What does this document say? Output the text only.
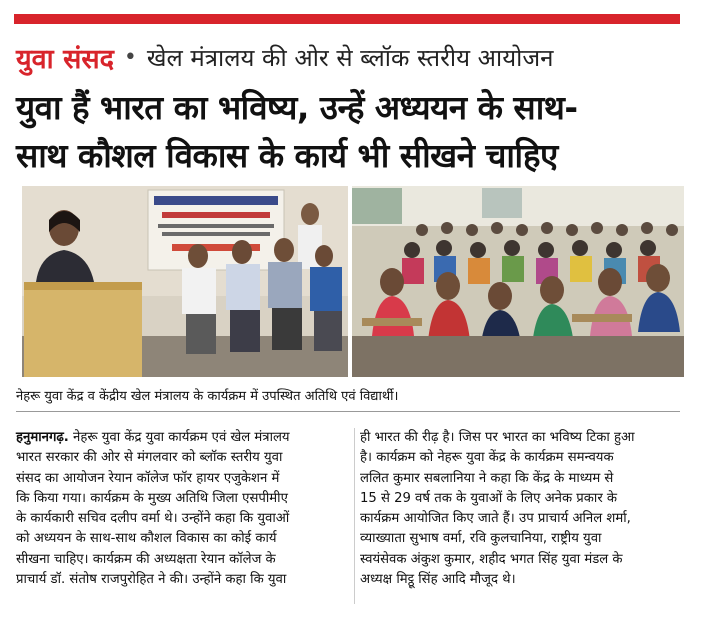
युवा संसद • खेल मंत्रालय की ओर से ब्लॉक स्तरीय आयोजन
युवा हैं भारत का भविष्य, उन्हें अध्ययन के साथ-
साथ कौशल विकास के कार्य भी सीखने चाहिए
नेहरू युवा केंद्र व केंद्रीय खेल मंत्रालय के कार्यक्रम में उपस्थित अतिथि एवं विद्यार्थी।
हनुमानगढ़. नेहरू युवा केंद्र युवा कार्यक्रम एवं खेल मंत्रालय
भारत सरकार की ओर से मंगलवार को ब्लॉक स्तरीय युवा
संसद का आयोजन रेयान कॉलेज फॉर हायर एजुकेशन में
कि किया गया। कार्यक्रम के मुख्य अतिथि जिला एसपीमीए
के कार्यकारी सचिव दलीप वर्मा थे। उन्होंने कहा कि युवाओं
को अध्ययन के साथ-साथ कौशल विकास का कोई कार्य
सीखना चाहिए। कार्यक्रम की अध्यक्षता रेयान कॉलेज के
प्राचार्य डॉ. संतोष राजपुरोहित ने की। उन्होंने कहा कि युवा
ही भारत की रीढ़ है। जिस पर भारत का भविष्य टिका हुआ
है। कार्यक्रम को नेहरू युवा केंद्र के कार्यक्रम समन्वयक
ललित कुमार सबलानिया ने कहा कि केंद्र के माध्यम से
15 से 29 वर्ष तक के युवाओं के लिए अनेक प्रकार के
कार्यक्रम आयोजित किए जाते हैं। उप प्राचार्य अनिल शर्मा,
व्याख्याता सुभाष वर्मा, रवि कुलचानिया, राष्ट्रीय युवा
स्वयंसेवक अंकुश कुमार, शहीद भगत सिंह युवा मंडल के
अध्यक्ष मिट्ठू सिंह आदि मौजूद थे।
